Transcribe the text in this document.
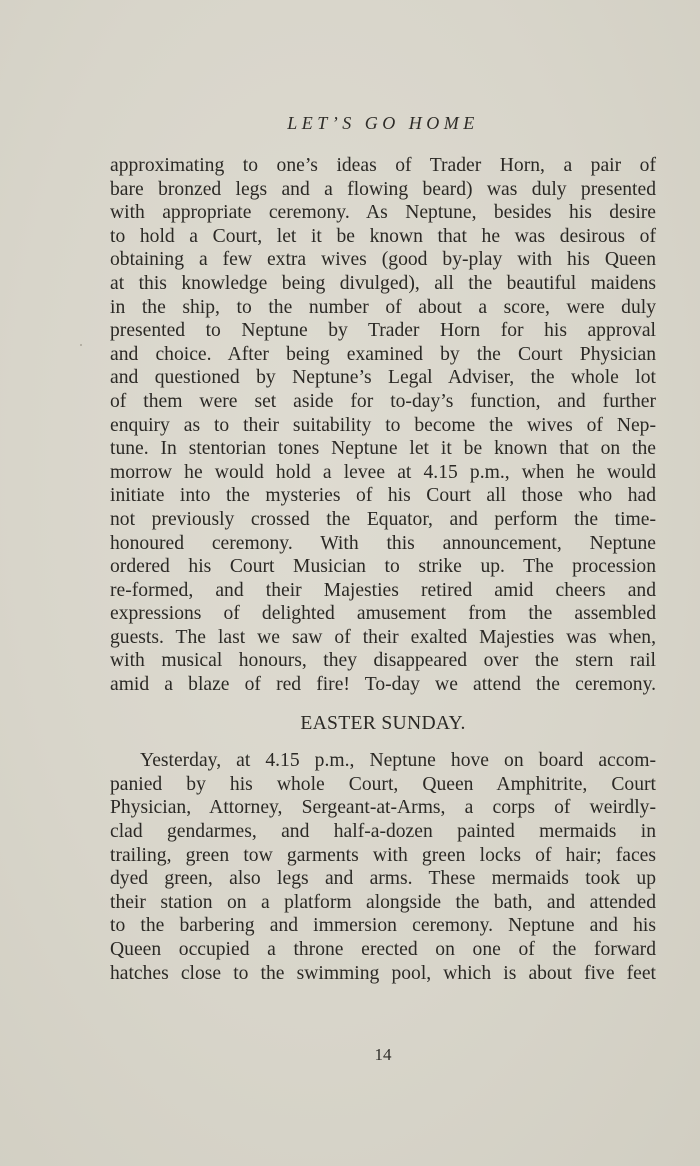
LET’S GO HOME
approximating to one’s ideas of Trader Horn, a pair of
bare bronzed legs and a flowing beard) was duly presented
with appropriate ceremony. As Neptune, besides his desire
to hold a Court, let it be known that he was desirous of
obtaining a few extra wives (good by-play with his Queen
at this knowledge being divulged), all the beautiful maidens
in the ship, to the number of about a score, were duly
presented to Neptune by Trader Horn for his approval
and choice. After being examined by the Court Physician
and questioned by Neptune’s Legal Adviser, the whole lot
of them were set aside for to-day’s function, and further
enquiry as to their suitability to become the wives of Nep-
tune. In stentorian tones Neptune let it be known that on the
morrow he would hold a levee at 4.15 p.m., when he would
initiate into the mysteries of his Court all those who had
not previously crossed the Equator, and perform the time-
honoured ceremony. With this announcement, Neptune
ordered his Court Musician to strike up. The procession
re-formed, and their Majesties retired amid cheers and
expressions of delighted amusement from the assembled
guests. The last we saw of their exalted Majesties was when,
with musical honours, they disappeared over the stern rail
amid a blaze of red fire! To-day we attend the ceremony.
EASTER SUNDAY.
Yesterday, at 4.15 p.m., Neptune hove on board accom-
panied by his whole Court, Queen Amphitrite, Court
Physician, Attorney, Sergeant-at-Arms, a corps of weirdly-
clad gendarmes, and half-a-dozen painted mermaids in
trailing, green tow garments with green locks of hair; faces
dyed green, also legs and arms. These mermaids took up
their station on a platform alongside the bath, and attended
to the barbering and immersion ceremony. Neptune and his
Queen occupied a throne erected on one of the forward
hatches close to the swimming pool, which is about five feet
14
